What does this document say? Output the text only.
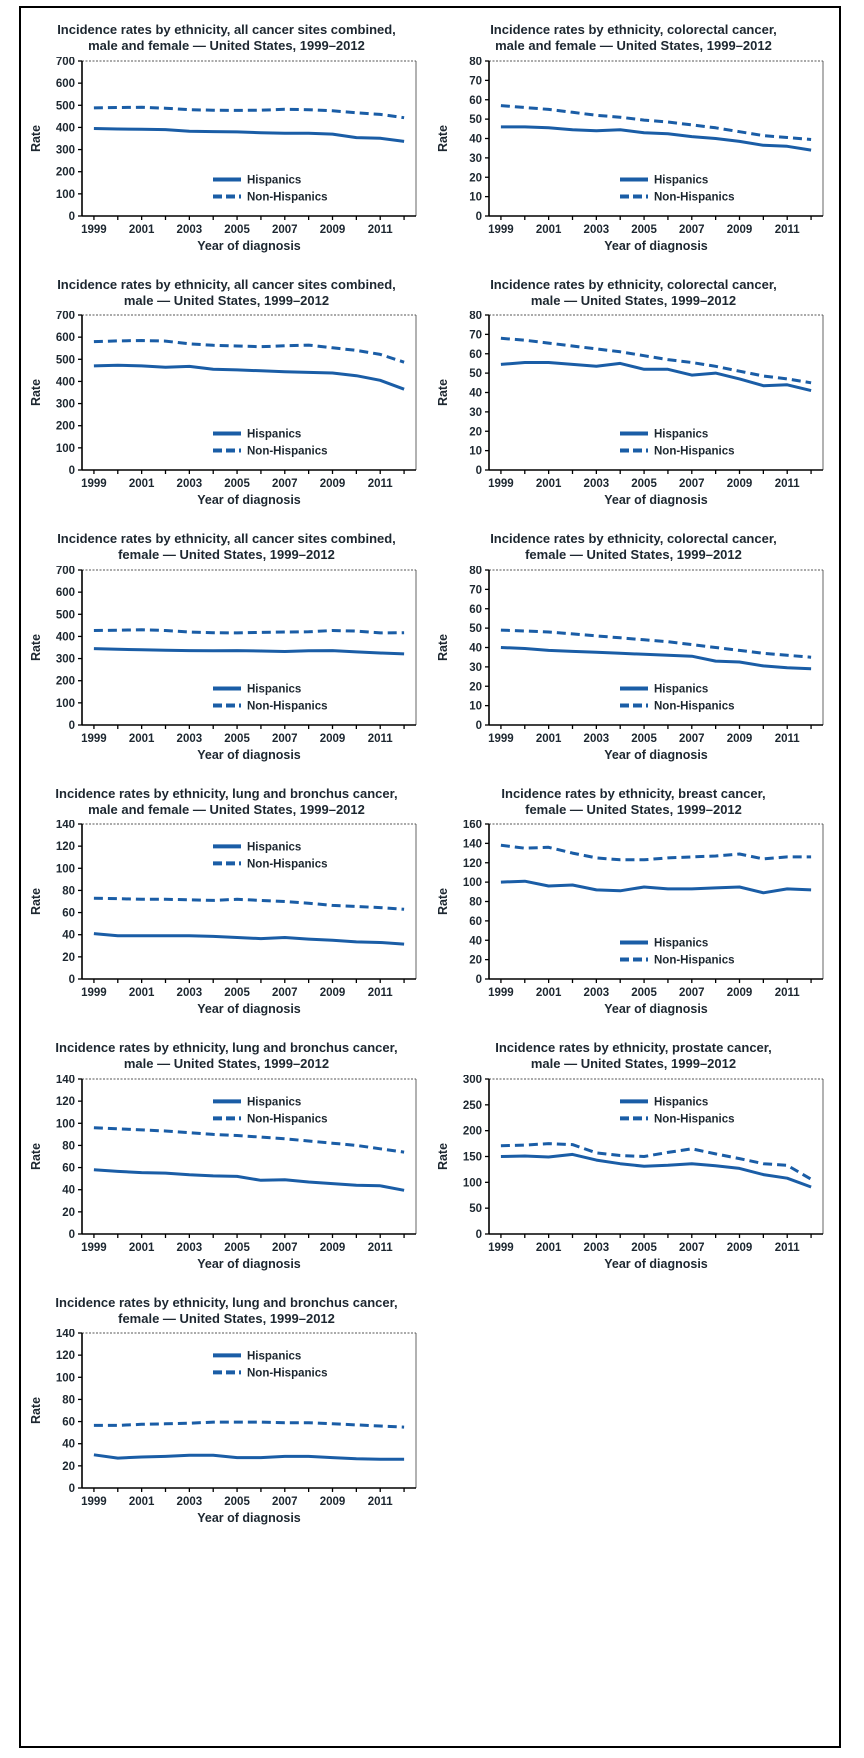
Incidence rates by ethnicity, all cancer sites combined,
male and female — United States, 1999–2012
0
100
200
300
400
500
600
700
1999 2001 2003 2005 2007 2009 2011
Rate
Year of diagnosis
Hispanics
Non-Hispanics
Incidence rates by ethnicity, colorectal cancer,
male and female — United States, 1999–2012
0
10
20
30
40
50
60
70
80
1999 2001 2003 2005 2007 2009 2011
Rate
Year of diagnosis
Hispanics
Non-Hispanics
Incidence rates by ethnicity, all cancer sites combined,
male — United States, 1999–2012
0
100
200
300
400
500
600
700
1999 2001 2003 2005 2007 2009 2011
Rate
Year of diagnosis
Hispanics
Non-Hispanics
Incidence rates by ethnicity, colorectal cancer,
male — United States, 1999–2012
0
10
20
30
40
50
60
70
80
1999 2001 2003 2005 2007 2009 2011
Rate
Year of diagnosis
Hispanics
Non-Hispanics
Incidence rates by ethnicity, all cancer sites combined,
female — United States, 1999–2012
0
100
200
300
400
500
600
700
1999 2001 2003 2005 2007 2009 2011
Rate
Year of diagnosis
Hispanics
Non-Hispanics
Incidence rates by ethnicity, colorectal cancer,
female — United States, 1999–2012
0
10
20
30
40
50
60
70
80
1999 2001 2003 2005 2007 2009 2011
Rate
Year of diagnosis
Hispanics
Non-Hispanics
Incidence rates by ethnicity, lung and bronchus cancer,
male and female — United States, 1999–2012
0
20
40
60
80
100
120
140
1999 2001 2003 2005 2007 2009 2011
Rate
Year of diagnosis
Hispanics
Non-Hispanics
Incidence rates by ethnicity, breast cancer,
female — United States, 1999–2012
0
20
40
60
80
100
120
140
160
1999 2001 2003 2005 2007 2009 2011
Rate
Year of diagnosis
Hispanics
Non-Hispanics
Incidence rates by ethnicity, lung and bronchus cancer,
male — United States, 1999–2012
0
20
40
60
80
100
120
140
1999 2001 2003 2005 2007 2009 2011
Rate
Year of diagnosis
Hispanics
Non-Hispanics
Incidence rates by ethnicity, prostate cancer,
male — United States, 1999–2012
0
50
100
150
200
250
300
1999 2001 2003 2005 2007 2009 2011
Rate
Year of diagnosis
Hispanics
Non-Hispanics
Incidence rates by ethnicity, lung and bronchus cancer,
female — United States, 1999–2012
0
20
40
60
80
100
120
140
1999 2001 2003 2005 2007 2009 2011
Rate
Year of diagnosis
Hispanics
Non-Hispanics
